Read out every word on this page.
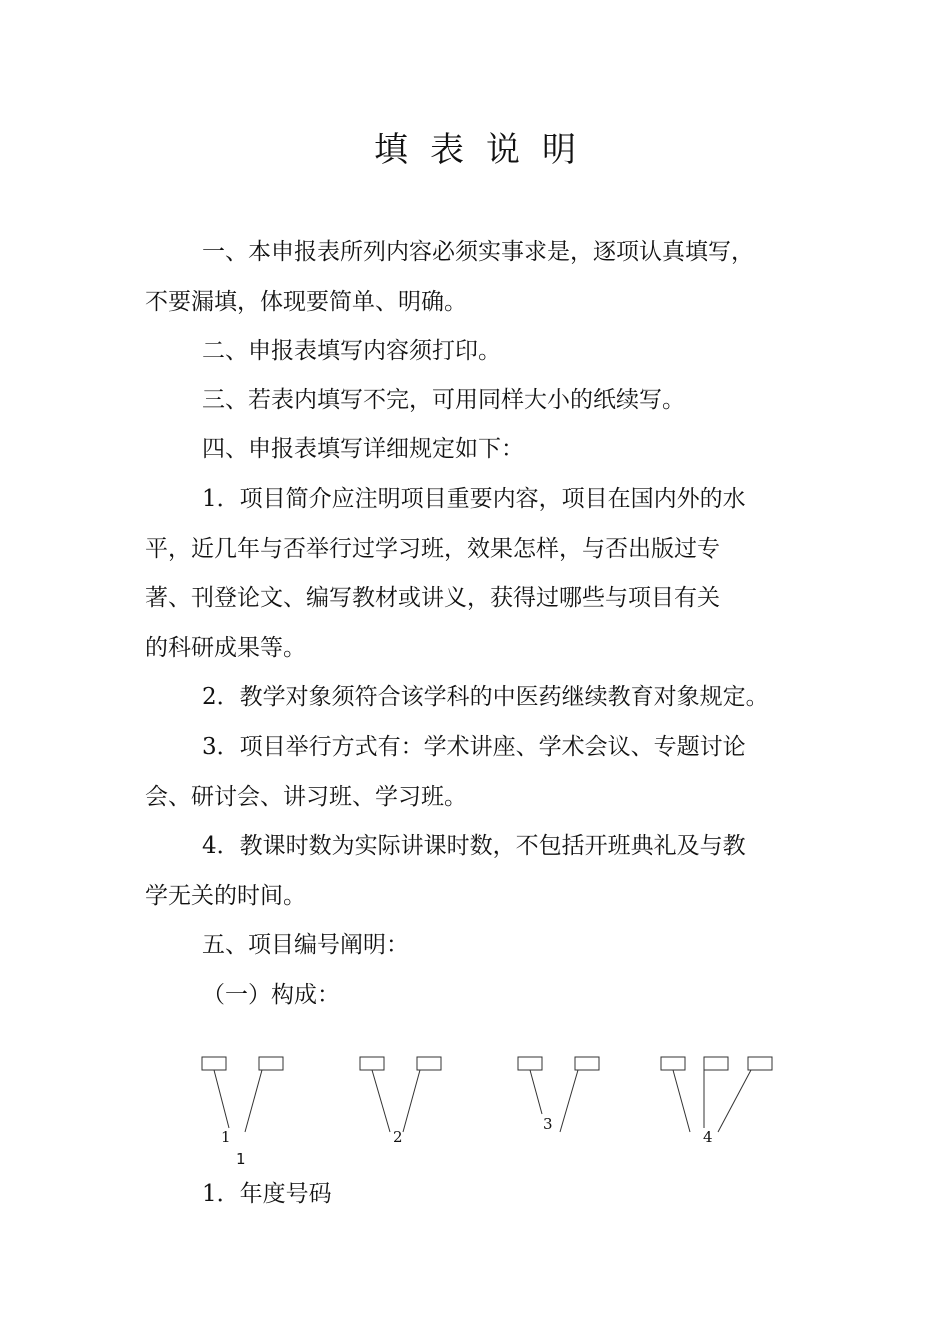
填表说明

一、本申报表所列内容必须实事求是，逐项认真填写，
不要漏填，体现要简单、明确。

二、申报表填写内容须打印。

三、若表内填写不完，可用同样大小的纸续写。

四、申报表填写详细规定如下：

1．项目简介应注明项目重要内容，项目在国内外的水
平，近几年与否举行过学习班，效果怎样，与否出版过专
著、刊登论文、编写教材或讲义，获得过哪些与项目有关
的科研成果等。

2．教学对象须符合该学科的中医药继续教育对象规定。

3．项目举行方式有：学术讲座、学术会议、专题讨论
会、研讨会、讲习班、学习班。

4．教课时数为实际讲课时数，不包括开班典礼及与教
学无关的时间。

五、项目编号阐明：

（一）构成：

1	2
3
4
1

1．年度号码
